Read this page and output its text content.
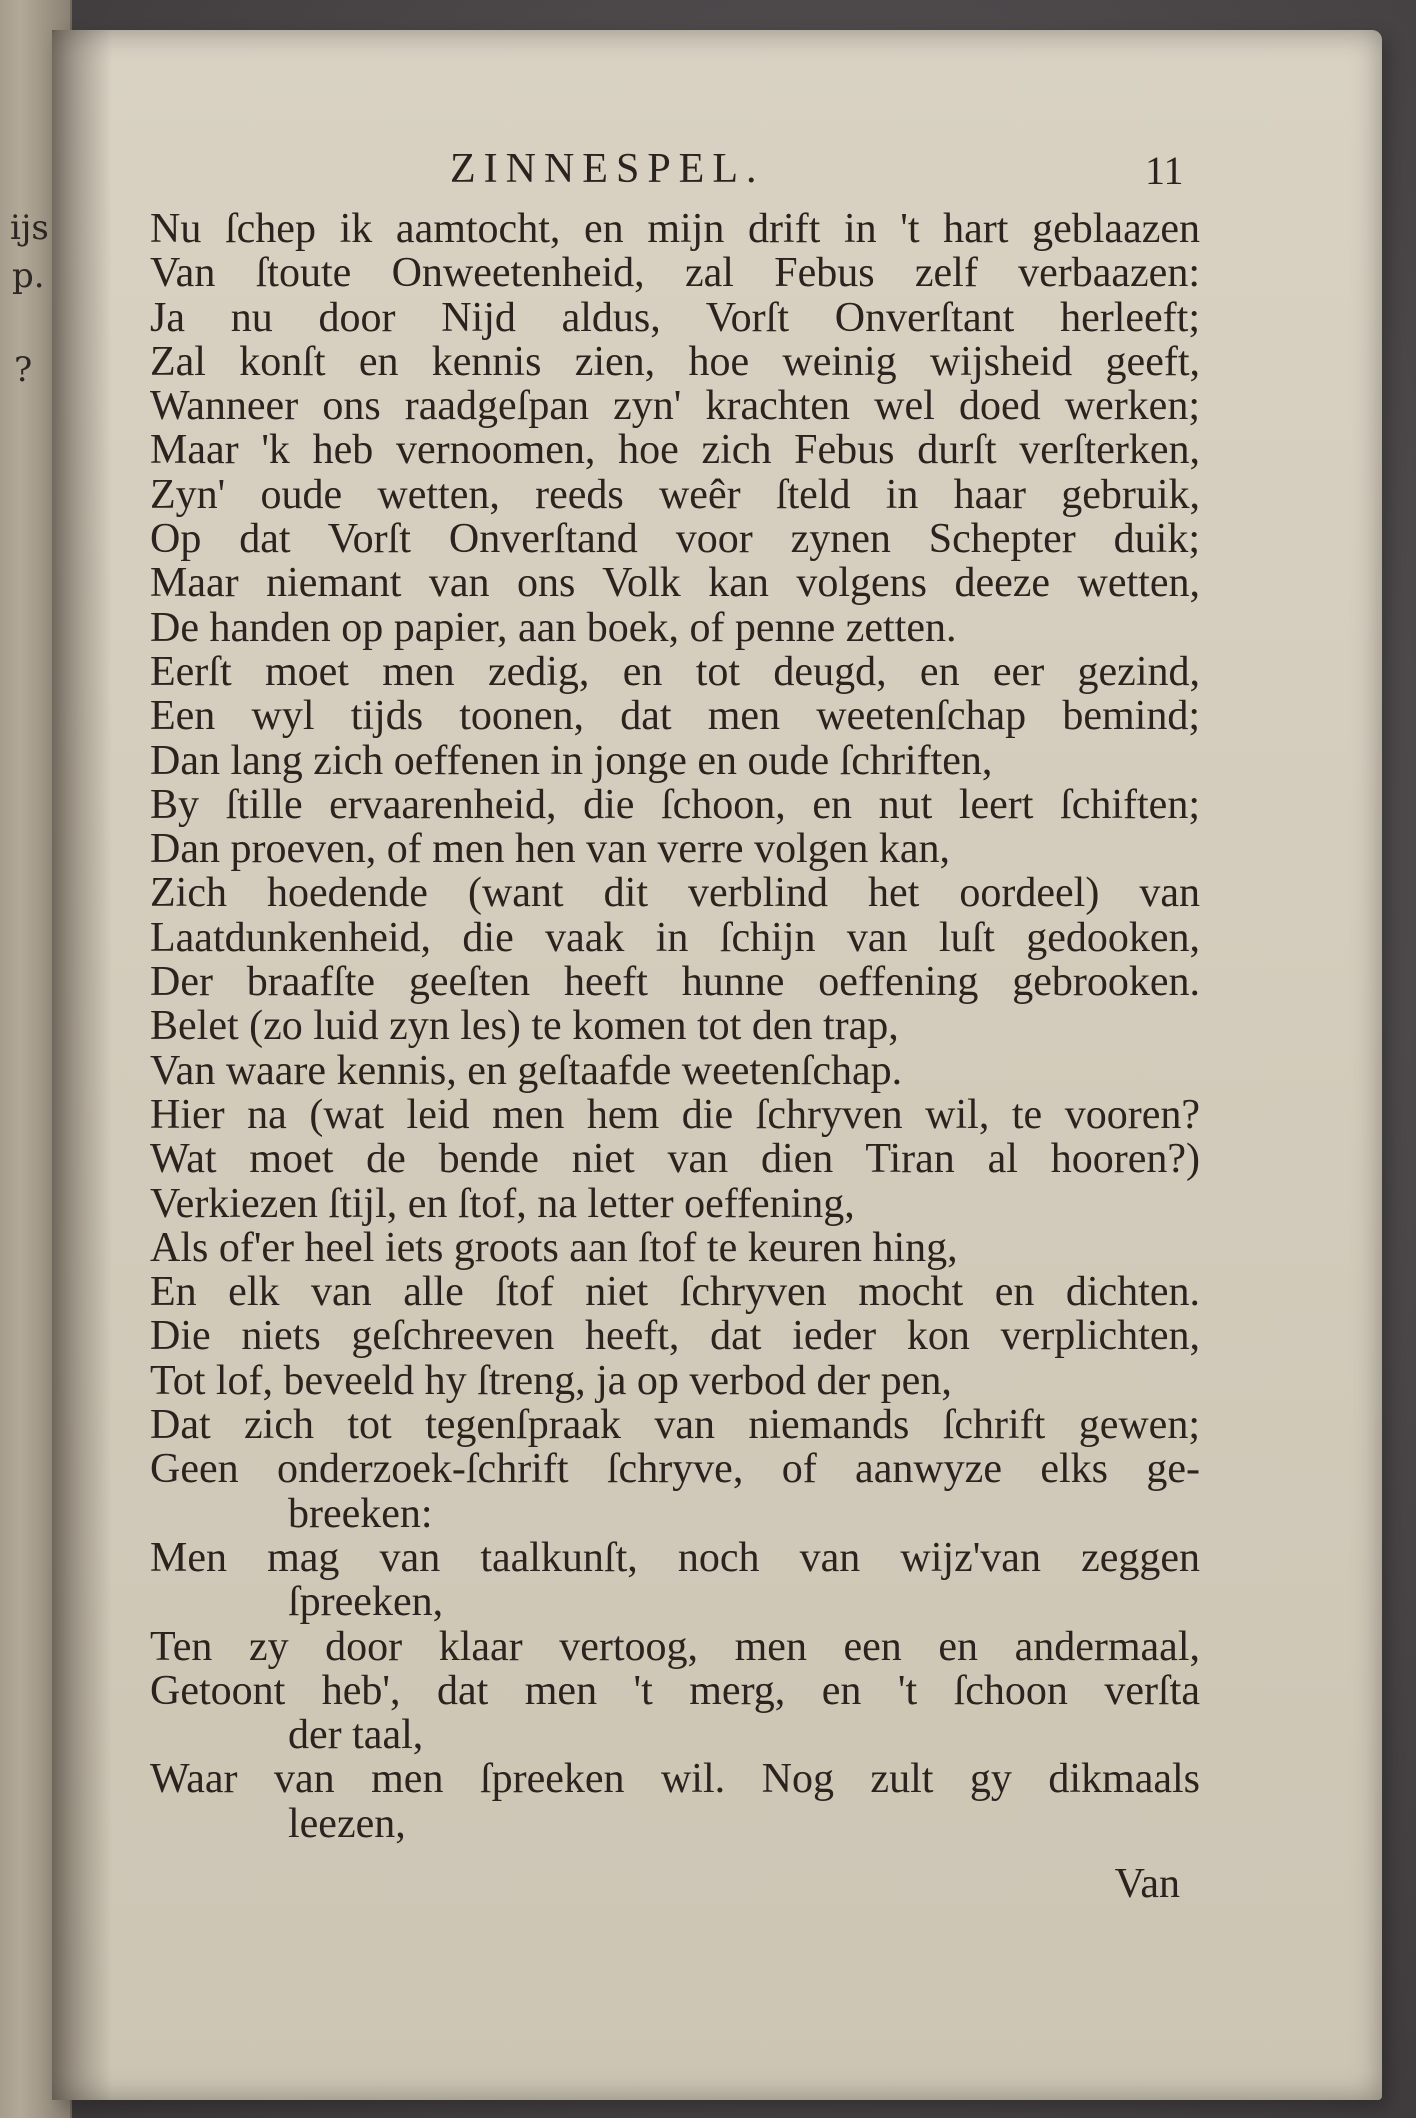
ijs
p.
?
ZINNESPEL.	11
Nu ſchep ik aamtocht, en mijn drift in 't hart geblaazen
Van ſtoute Onweetenheid, zal Febus zelf verbaazen:
Ja nu door Nijd aldus, Vorſt Onverſtant herleeft;
Zal konſt en kennis zien, hoe weinig wijsheid geeft,
Wanneer ons raadgeſpan zyn' krachten wel doed werken;
Maar 'k heb vernoomen, hoe zich Febus durſt verſterken,
Zyn' oude wetten, reeds weêr ſteld in haar gebruik,
Op dat Vorſt Onverſtand voor zynen Schepter duik;
Maar niemant van ons Volk kan volgens deeze wetten,
De handen op papier, aan boek, of penne zetten.
Eerſt moet men zedig, en tot deugd, en eer gezind,
Een wyl tijds toonen, dat men weetenſchap bemind;
Dan lang zich oeffenen in jonge en oude ſchriften,
By ſtille ervaarenheid, die ſchoon, en nut leert ſchiften;
Dan proeven, of men hen van verre volgen kan,
Zich hoedende (want dit verblind het oordeel) van
Laatdunkenheid, die vaak in ſchijn van luſt gedooken,
Der braafſte geeſten heeft hunne oeffening gebrooken.
Belet (zo luid zyn les) te komen tot den trap,
Van waare kennis, en geſtaafde weetenſchap.
Hier na (wat leid men hem die ſchryven wil, te vooren?
Wat moet de bende niet van dien Tiran al hooren?)
Verkiezen ſtijl, en ſtof, na letter oeffening,
Als of'er heel iets groots aan ſtof te keuren hing,
En elk van alle ſtof niet ſchryven mocht en dichten.
Die niets geſchreeven heeft, dat ieder kon verplichten,
Tot lof, beveeld hy ſtreng, ja op verbod der pen,
Dat zich tot tegenſpraak van niemands ſchrift gewen;
Geen onderzoek-ſchrift ſchryve, of aanwyze elks ge-
breeken:
Men mag van taalkunſt, noch van wijz'van zeggen
ſpreeken,
Ten zy door klaar vertoog, men een en andermaal,
Getoont heb', dat men 't merg, en 't ſchoon verſta
der taal,
Waar van men ſpreeken wil. Nog zult gy dikmaals
leezen,
Van
